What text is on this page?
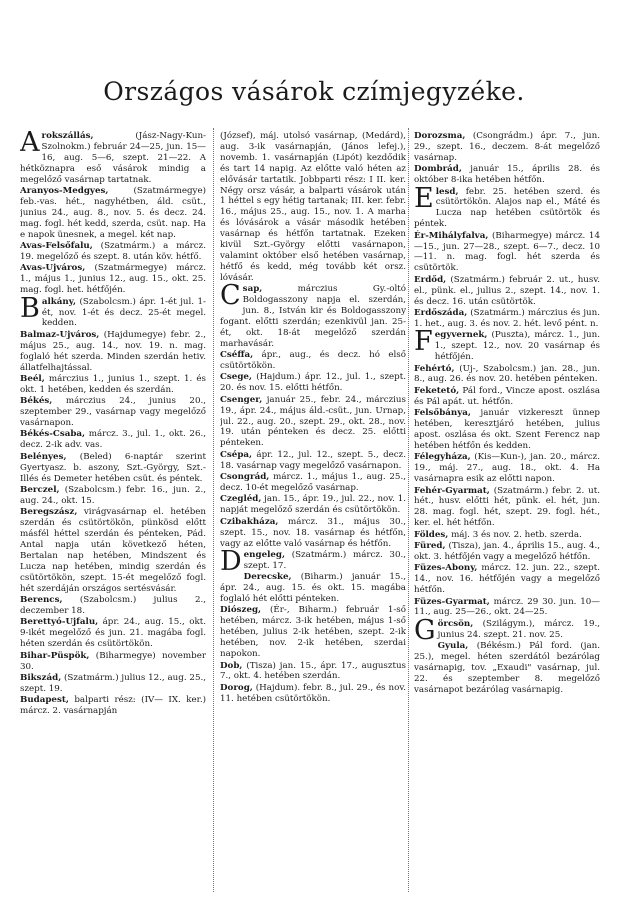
Országos vásárok czímjegyzéke.

Arokszállás, (Jász-Nagy-Kun-Szolnokm.) február 24—25, jun. 15—16, aug. 5—6, szept. 21—22. A hétköznapra eső vásárok mindig a megelőző vasárnap tartatnak.

Aranyos-Medgyes, (Szatmármegye) feb.-vas. hét., nagyhétben, áld. csüt., junius 24., aug. 8., nov. 5. és decz. 24. mag. fogl. hét kedd, szerda, csüt. nap. Ha e napok ünesnek, a megel. két nap.

Avas-Felsőfalu, (Szatmárm.) a márcz. 19. megelőző és szept. 8. után köv. hétfő.

Avas-Ujváros, (Szatmármegye) márcz. 1., május 1., junius 12., aug. 15., okt. 25. mag. fogl. het. hétfőjén.

Balkány, (Szabolcsm.) ápr. 1-ét jul. 1-ét, nov. 1-ét és decz. 25-ét megel. kedden.

Balmaz-Ujváros, (Hajdumegye) febr. 2., május 25., aug. 14., nov. 19. n. mag. foglaló hét szerda. Minden szerdán hetiv. állatfelhajtással.

Beél, márczius 1., junius 1., szept. 1. és okt. 1 hetében, kedden és szerdán.

Békés, márczius 24., junius 20., szeptember 29., vasárnap vagy megelőző vasárnapon.

Békés-Csaba, márcz. 3., jul. 1., okt. 26., decz. 2-ik adv. vas.

Belényes, (Beled) 6-naptár szerint Gyertyasz. b. aszony, Szt.-György, Szt.-Illés és Demeter hetében csüt. és péntek.

Berczel, (Szabolcsm.) febr. 16., jun. 2., aug. 24., okt. 15.

Beregszász, virágvasárnap el. hetében szerdán és csütörtökön, pünkösd előtt másfél héttel szerdán és pénteken, Pád. Antal napja után következő héten, Bertalan nap hetében, Mindszent és Lucza nap hetében, mindig szerdán és csütörtökön, szept. 15-ét megelőző fogl. hét szerdáján országos sertésvásár.

Berencs, (Szabolcsm.) julius 2., deczember 18.

Berettyó-Ujfalu, ápr. 24., aug. 15., okt. 9-ikét megelőző és jun. 21. magába fogl. héten szerdán és csütörtökön.

Bihar-Püspök, (Biharmegye) november 30.

Bikszád, (Szatmárm.) julius 12., aug. 25., szept. 19.

Budapest, balparti rész: (IV— IX. ker.) márcz. 2. vasárnapján

(József), máj. utolsó vasárnap, (Medárd), aug. 3-ik vasárnapján, (János lefej.), novemb. 1. vasárnapján (Lipót) kezdődik és tart 14 napig. Az előtte való héten az elővásár tartatik. Jobbparti rész: I II. ker. Négy orsz vásár, a balparti vásárok után 1 héttel s egy hétig tartanak; III. ker. febr. 16., május 25., aug. 15., nov. 1. A marha és lóvásárok a vásár második hetében vasárnap és hétfőn tartatnak. Ezeken kivül Szt.-György előtti vasárnapon, valamint október első hetében vasárnap, hétfő és kedd, még tovább két orsz. lóvásár.

Csap, márczius Gy.-oltó Boldogasszony napja el. szerdán, jun. 8., István kir és Boldogasszony fogant. előtti szerdán; ezenkivül jan. 25-ét, okt. 18-át megelőző szerdán marhavásár.

Cséffa, ápr., aug., és decz. hó első csütörtökön.

Csege, (Hajdum.) ápr. 12., jul. 1., szept. 20. és nov. 15. előtti hétfőn.

Csenger, január 25., febr. 24., márczius 19., ápr. 24., május áld.-csüt., jun. Urnap, jul. 22., aug. 20., szept. 29., okt. 28., nov. 19. után pénteken és decz. 25. előtti pénteken.

Csépa, ápr. 12., jul. 12., szept. 5., decz. 18. vasárnap vagy megelőző vasárnapon.

Csongrád, márcz. 1., május 1., aug. 25., decz. 10-ét megelőző vasárnap.

Czegléd, jan. 15., ápr. 19., jul. 22., nov. 1. napját megelőző szerdán és csütörtökön.

Czibakháza, márcz. 31., május 30., szept. 15., nov. 18. vasárnap és hétfőn, vagy az előtte való vasárnap és hétfőn.

Dengeleg, (Szatmárm.) márcz. 30., szept. 17.

Derecske, (Biharm.) január 15., ápr. 24., aug. 15. és okt. 15. magába foglaló hét előtti pénteken.

Diószeg, (Ér-, Biharm.) február 1-ső hetében, márcz. 3-ik hetében, május 1-ső hetében, julius 2-ik hetében, szept. 2-ik hetében, nov. 2-ik hetében, szerdai napokon.

Dob, (Tisza) jan. 15., ápr. 17., augusztus 7., okt. 4. hetében szerdán.

Dorog, (Hajdum). febr. 8., jul. 29., és nov. 11. hetében csütörtökön.

Dorozsma, (Csongrádm.) ápr. 7., jun. 29., szept. 16., deczem. 8-át megelőző vasárnap.

Dombrád, január 15., április 28. és október 8-ika hetében hétfőn.

Elesd, febr. 25. hetében szerd. és csütörtökön. Alajos nap el., Máté és Lucza nap hetében csütörtök és péntek.

Ér-Mihályfalva, (Biharmegye) márcz. 14—15., jun. 27—28., szept. 6—7., decz. 10—11. n. mag. fogl. hét szerda és csütörtök.

Erdőd, (Szatmárm.) február 2. ut., husv. el., pünk. el., julius 2., szept. 14., nov. 1. és decz. 16. után csütörtök.

Erdőszáda, (Szatmárm.) márczius és jun. 1. het., aug. 3. és nov. 2. hét. levő pént. n.

Fegyvernek, (Puszta), márcz. 1., jun. 1., szept. 12., nov. 20 vasárnap és hétfőjén.

Fehértó, (Uj-, Szabolcsm.) jan. 28., jun. 8., aug. 26. és nov. 20. hetében pénteken.

Feketetó, Pál ford., Vincze apost. oszlása és Pál apát. ut. hétfőn.

Felsőbánya, január vizkereszt ünnep hetében, keresztjáró hetében, julius apost. oszlása és okt. Szent Ferencz nap hetében hétfőn és kedden.

Félegyháza, (Kis—Kun-), jan. 20., márcz. 19., máj. 27., aug. 18., okt. 4. Ha vasárnapra esik az előtti napon.

Fehér-Gyarmat, (Szatmárm.) febr. 2. ut. hét., husv. előtti hét, pünk. el. hét, jun. 28. mag. fogl. hét, szept. 29. fogl. hét., ker. el. hét hétfőn.

Földes, máj. 3 és nov. 2. hetb. szerda.

Füred, (Tisza), jan. 4., április 15., aug. 4., okt. 3. hétfőjén vagy a megelőző hétfőn.

Füzes-Abony, márcz. 12. jun. 22., szept. 14., nov. 16. hétfőjén vagy a megelőző hétfőn.

Füzes-Gyarmat, márcz. 29 30. jun. 10—11., aug. 25—26., okt. 24—25.

Görcsön, (Szilágym.), márcz. 19., junius 24. szept. 21. nov. 25.

Gyula, (Békésm.) Pál ford. (jan. 25.), megel. héten szerdától bezárólag vasárnapig, tov. „Exaudi" vasárnap, jul. 22. és szeptember 8. megelőző vasárnapot bezárólag vasárnapig.
